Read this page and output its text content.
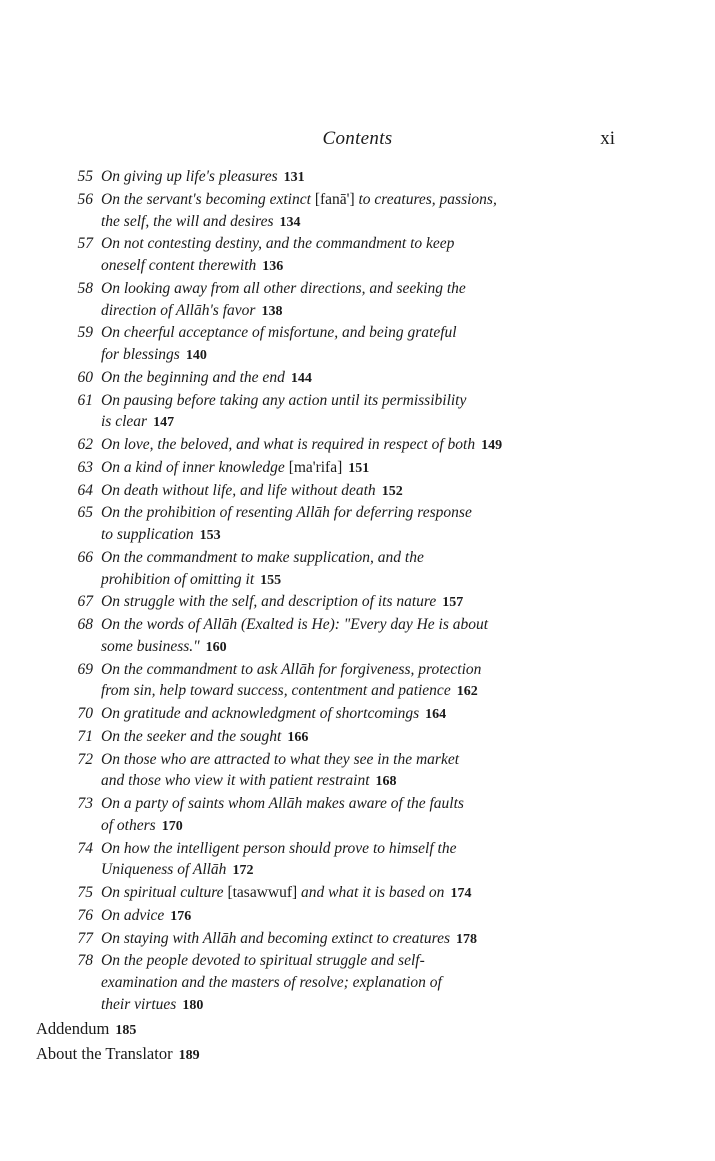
Contents	xi
55 On giving up life's pleasures 131
56 On the servant's becoming extinct [fanā'] to creatures, passions,
the self, the will and desires 134
57 On not contesting destiny, and the commandment to keep
oneself content therewith 136
58 On looking away from all other directions, and seeking the
direction of Allāh's favor 138
59 On cheerful acceptance of misfortune, and being grateful
for blessings 140
60 On the beginning and the end 144
61 On pausing before taking any action until its permissibility
is clear 147
62 On love, the beloved, and what is required in respect of both 149
63 On a kind of inner knowledge [ma'rifa] 151
64 On death without life, and life without death 152
65 On the prohibition of resenting Allāh for deferring response
to supplication 153
66 On the commandment to make supplication, and the
prohibition of omitting it 155
67 On struggle with the self, and description of its nature 157
68 On the words of Allāh (Exalted is He): "Every day He is about
some business." 160
69 On the commandment to ask Allāh for forgiveness, protection
from sin, help toward success, contentment and patience 162
70 On gratitude and acknowledgment of shortcomings 164
71 On the seeker and the sought 166
72 On those who are attracted to what they see in the market
and those who view it with patient restraint 168
73 On a party of saints whom Allāh makes aware of the faults
of others 170
74 On how the intelligent person should prove to himself the
Uniqueness of Allāh 172
75 On spiritual culture [tasawwuf] and what it is based on 174
76 On advice 176
77 On staying with Allāh and becoming extinct to creatures 178
78 On the people devoted to spiritual struggle and self-
examination and the masters of resolve; explanation of
their virtues 180
Addendum 185
About the Translator 189
